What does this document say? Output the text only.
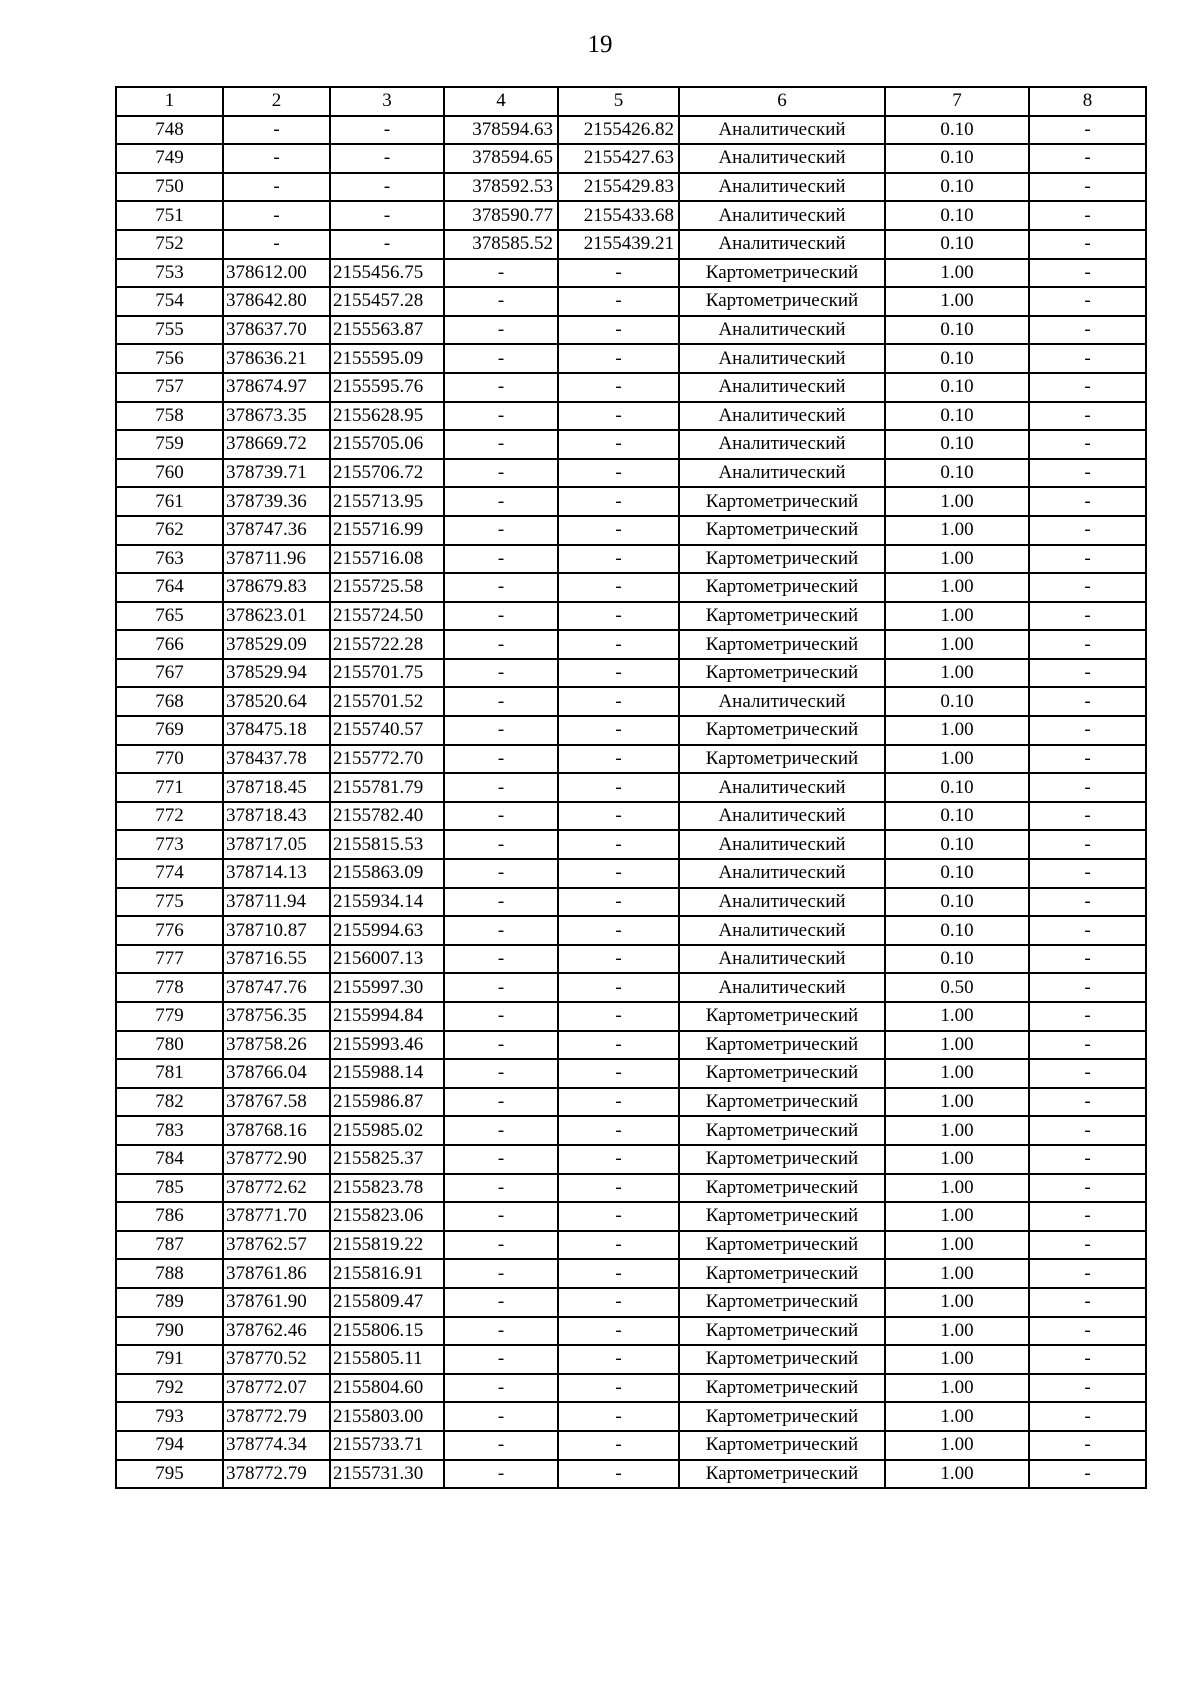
19
1	2	3	4	5	6	7	8
748	-	-	378594.63	2155426.82	Аналитический	0.10	-
749	-	-	378594.65	2155427.63	Аналитический	0.10	-
750	-	-	378592.53	2155429.83	Аналитический	0.10	-
751	-	-	378590.77	2155433.68	Аналитический	0.10	-
752	-	-	378585.52	2155439.21	Аналитический	0.10	-
753	378612.00	2155456.75	-	-	Картометрический	1.00	-
754	378642.80	2155457.28	-	-	Картометрический	1.00	-
755	378637.70	2155563.87	-	-	Аналитический	0.10	-
756	378636.21	2155595.09	-	-	Аналитический	0.10	-
757	378674.97	2155595.76	-	-	Аналитический	0.10	-
758	378673.35	2155628.95	-	-	Аналитический	0.10	-
759	378669.72	2155705.06	-	-	Аналитический	0.10	-
760	378739.71	2155706.72	-	-	Аналитический	0.10	-
761	378739.36	2155713.95	-	-	Картометрический	1.00	-
762	378747.36	2155716.99	-	-	Картометрический	1.00	-
763	378711.96	2155716.08	-	-	Картометрический	1.00	-
764	378679.83	2155725.58	-	-	Картометрический	1.00	-
765	378623.01	2155724.50	-	-	Картометрический	1.00	-
766	378529.09	2155722.28	-	-	Картометрический	1.00	-
767	378529.94	2155701.75	-	-	Картометрический	1.00	-
768	378520.64	2155701.52	-	-	Аналитический	0.10	-
769	378475.18	2155740.57	-	-	Картометрический	1.00	-
770	378437.78	2155772.70	-	-	Картометрический	1.00	-
771	378718.45	2155781.79	-	-	Аналитический	0.10	-
772	378718.43	2155782.40	-	-	Аналитический	0.10	-
773	378717.05	2155815.53	-	-	Аналитический	0.10	-
774	378714.13	2155863.09	-	-	Аналитический	0.10	-
775	378711.94	2155934.14	-	-	Аналитический	0.10	-
776	378710.87	2155994.63	-	-	Аналитический	0.10	-
777	378716.55	2156007.13	-	-	Аналитический	0.10	-
778	378747.76	2155997.30	-	-	Аналитический	0.50	-
779	378756.35	2155994.84	-	-	Картометрический	1.00	-
780	378758.26	2155993.46	-	-	Картометрический	1.00	-
781	378766.04	2155988.14	-	-	Картометрический	1.00	-
782	378767.58	2155986.87	-	-	Картометрический	1.00	-
783	378768.16	2155985.02	-	-	Картометрический	1.00	-
784	378772.90	2155825.37	-	-	Картометрический	1.00	-
785	378772.62	2155823.78	-	-	Картометрический	1.00	-
786	378771.70	2155823.06	-	-	Картометрический	1.00	-
787	378762.57	2155819.22	-	-	Картометрический	1.00	-
788	378761.86	2155816.91	-	-	Картометрический	1.00	-
789	378761.90	2155809.47	-	-	Картометрический	1.00	-
790	378762.46	2155806.15	-	-	Картометрический	1.00	-
791	378770.52	2155805.11	-	-	Картометрический	1.00	-
792	378772.07	2155804.60	-	-	Картометрический	1.00	-
793	378772.79	2155803.00	-	-	Картометрический	1.00	-
794	378774.34	2155733.71	-	-	Картометрический	1.00	-
795	378772.79	2155731.30	-	-	Картометрический	1.00	-
